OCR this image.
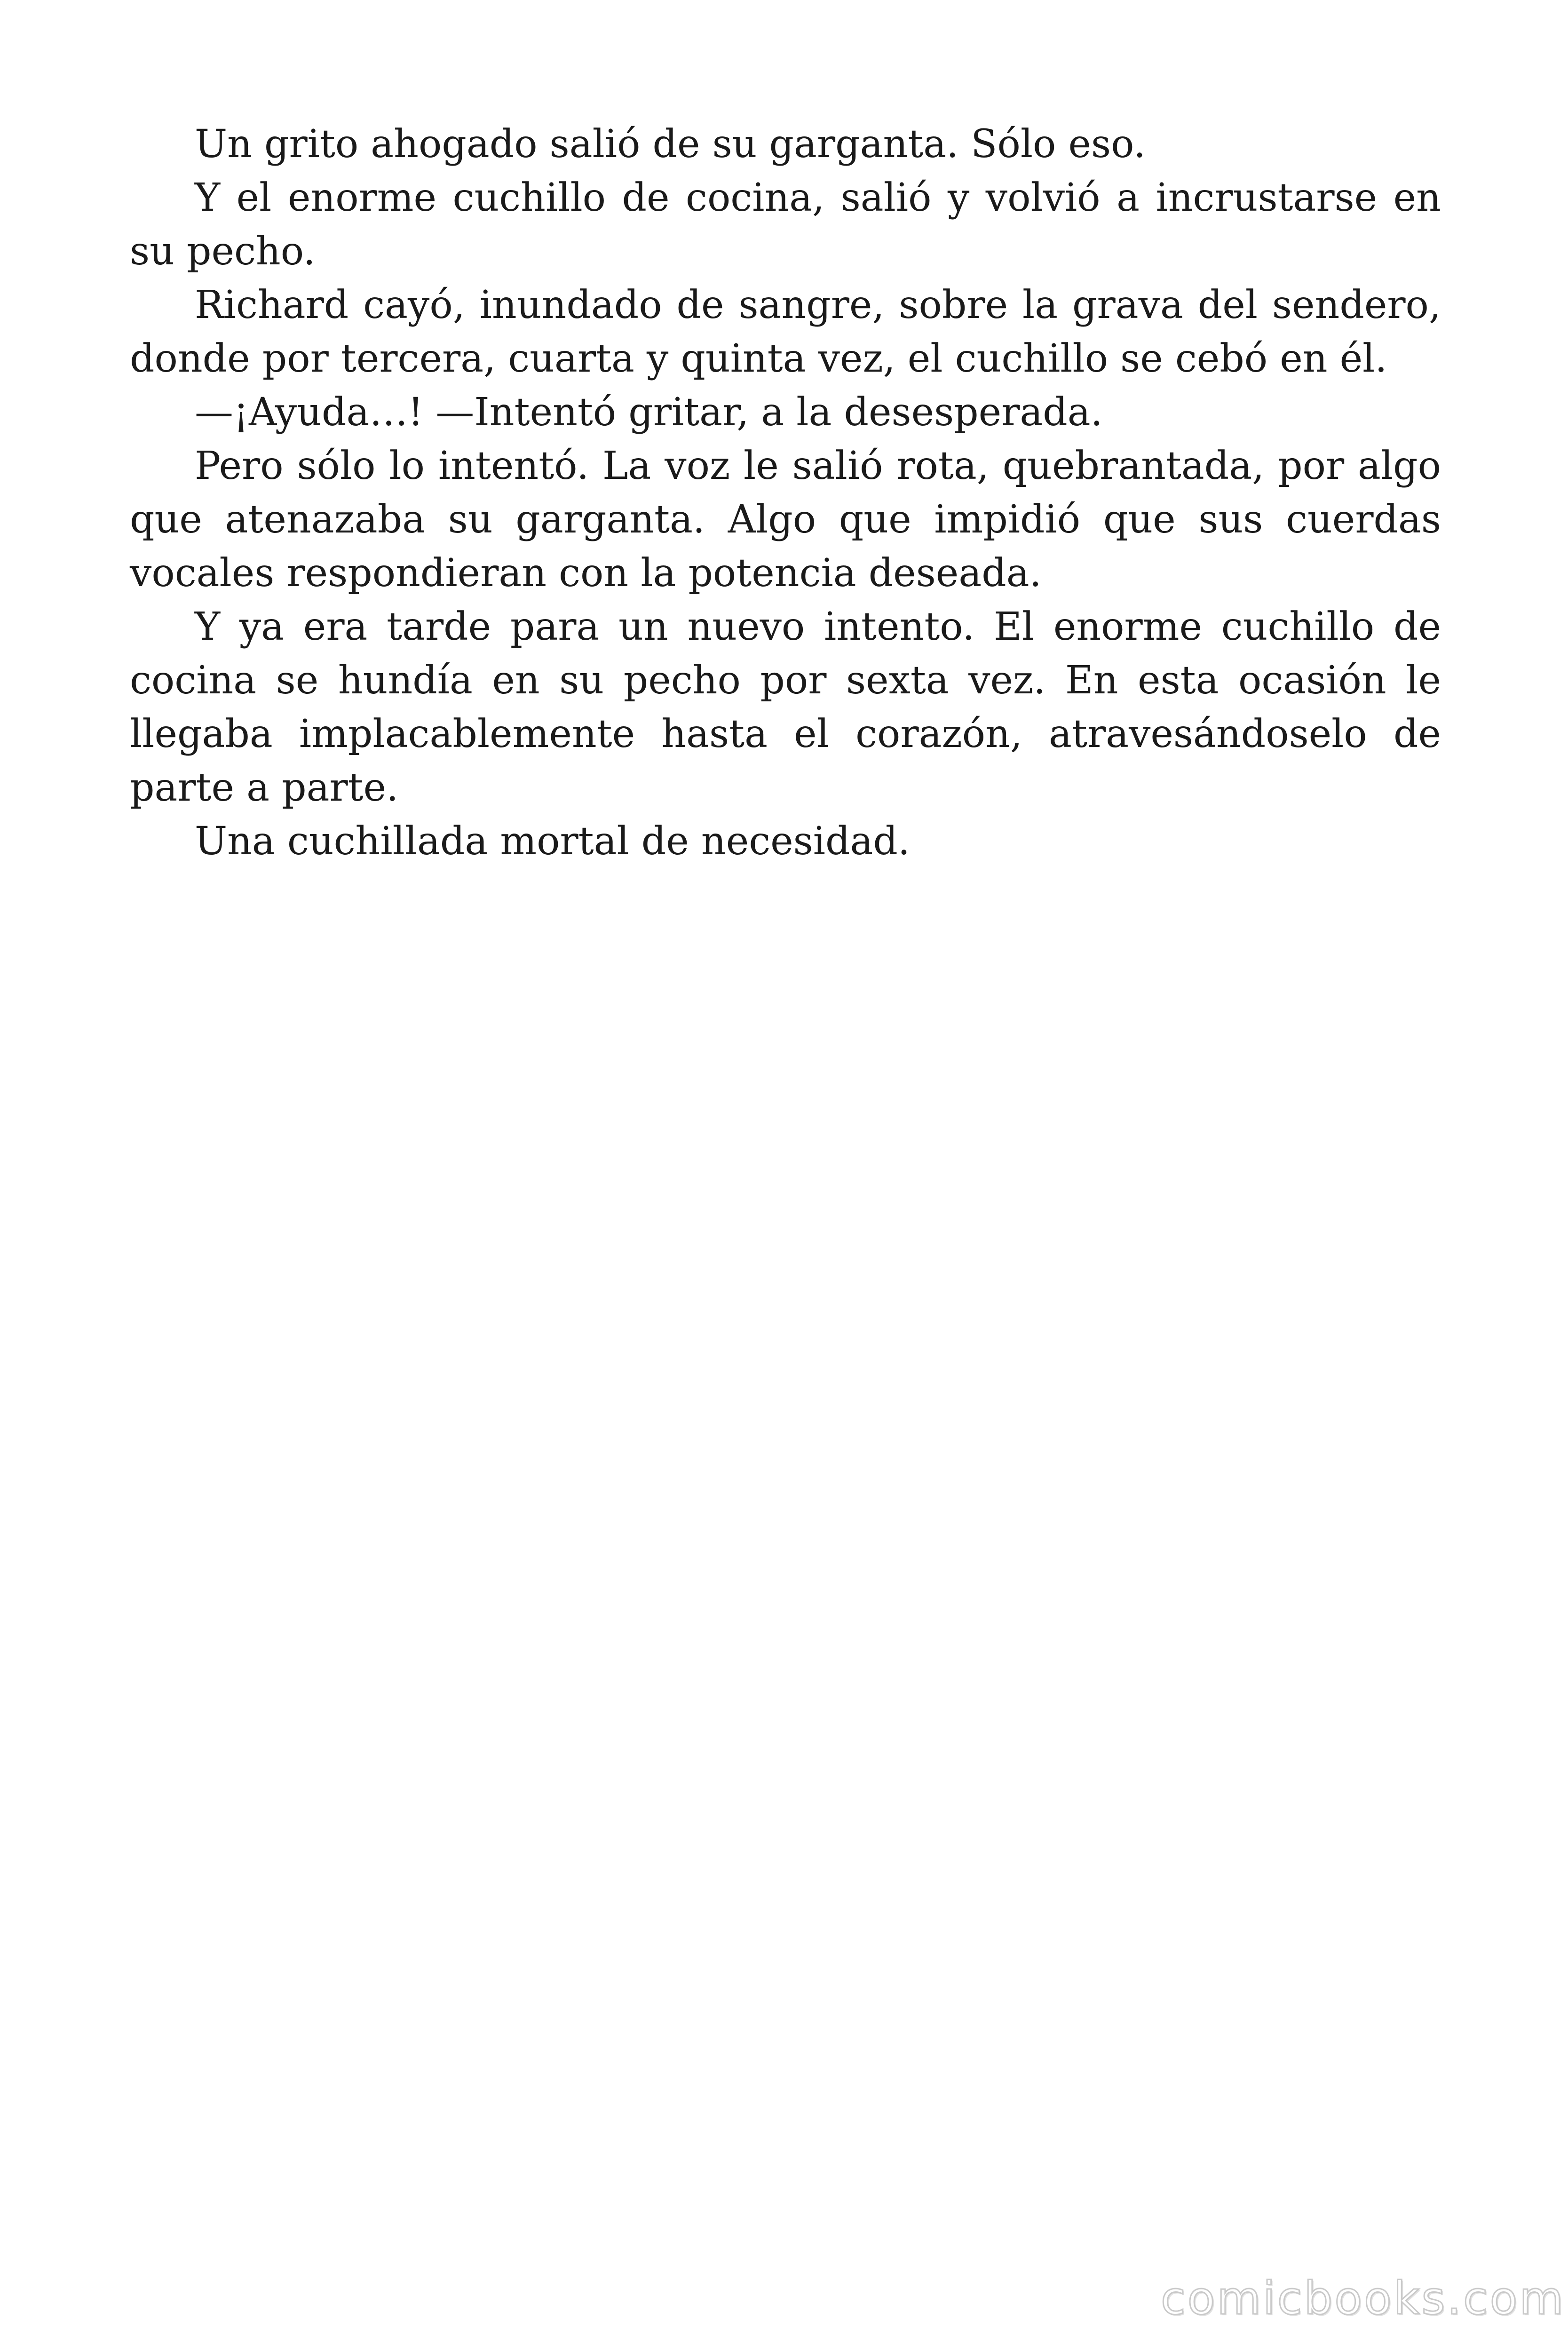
Un grito ahogado salió de su garganta. Sólo eso.

Y el enorme cuchillo de cocina, salió y volvió a incrustarse en su pecho.

Richard cayó, inundado de sangre, sobre la grava del sendero, donde por tercera, cuarta y quinta vez, el cuchillo se cebó en él.

—¡Ayuda…! —Intentó gritar, a la desesperada.

Pero sólo lo intentó. La voz le salió rota, quebrantada, por algo que atenazaba su garganta. Algo que impidió que sus cuerdas vocales respondieran con la potencia deseada.

Y ya era tarde para un nuevo intento. El enorme cuchillo de cocina se hundía en su pecho por sexta vez. En esta ocasión le llegaba implacablemente hasta el corazón, atravesándoselo de parte a parte.

Una cuchillada mortal de necesidad.

comicbooks.com
